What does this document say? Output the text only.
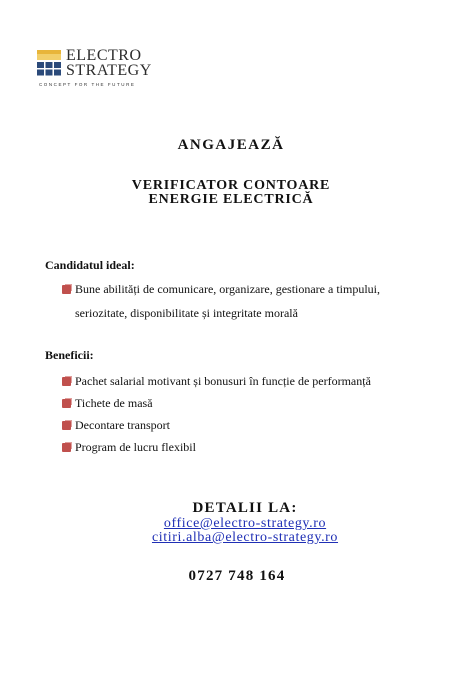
ELECTRO
STRATEGY
CONCEPT FOR THE FUTURE
ANGAJEAZĂ
VERIFICATOR CONTOARE
ENERGIE ELECTRICĂ
Candidatul ideal:
Bune abilități de comunicare, organizare, gestionare a timpului,
seriozitate, disponibilitate și integritate morală
Beneficii:
Pachet salarial motivant și bonusuri în funcție de performanță
Tichete de masă
Decontare transport
Program de lucru flexibil
DETALII LA:
office@electro-strategy.ro
citiri.alba@electro-strategy.ro
0727 748 164
